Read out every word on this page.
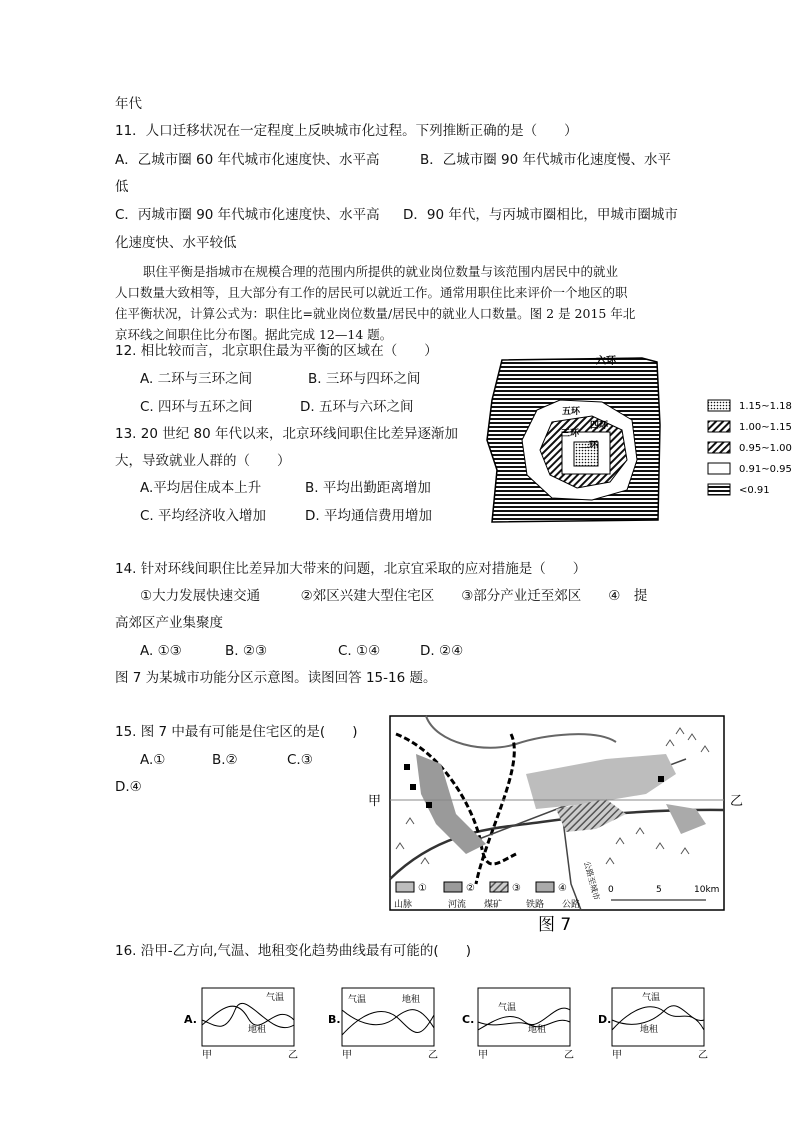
年代
11．人口迁移状况在一定程度上反映城市化过程。下列推断正确的是（　　）
A．乙城市圈 60 年代城市化速度快、水平高	B．乙城市圈 90 年代城市化速度慢、水平
低
C．丙城市圈 90 年代城市化速度快、水平高 D．90 年代，与丙城市圈相比，甲城市圈城市
化速度快、水平较低
职住平衡是指城市在规模合理的范围内所提供的就业岗位数量与该范围内居民中的就业
人口数量大致相等，且大部分有工作的居民可以就近工作。通常用职住比来评价一个地区的职
住平衡状况，计算公式为：职住比=就业岗位数量/居民中的就业人口数量。图 2 是 2015 年北
京环线之间职住比分布图。据此完成 12—14 题。
12. 相比较而言，北京职住最为平衡的区域在（　　）
A. 二环与三环之间	B. 三环与四环之间
C. 四环与五环之间	D. 五环与六环之间
13. 20 世纪 80 年代以来，北京环线间职住比差异逐渐加
大，导致就业人群的（　　）
A.平均居住成本上升	B. 平均出勤距离增加
C. 平均经济收入增加	D. 平均通信费用增加
六环
五环
四环
三环
二环
1.15~1.18
1.00~1.15
0.95~1.00
0.91~0.95
<0.91
14. 针对环线间职住比差异加大带来的问题，北京宜采取的应对措施是（　　）
①大力发展快速交通　　　②郊区兴建大型住宅区　　③部分产业迁至郊区　　④　提
高郊区产业集聚度
A. ①③	B. ②③	C. ①④	D. ②④
图 7 为某城市功能分区示意图。读图回答 15-16 题。
15. 图 7 中最有可能是住宅区的是(　　)
A.①	B.②	C.③
D.④
甲	乙
公路至城市
①	②	③	④
山脉	河流 煤矿	铁路 公路
0	5	10km
图 7
16. 沿甲-乙方向,气温、地租变化趋势曲线最有可能的(　　)
A.
气温
地租
甲	乙
B.
气温	地租
甲	乙
C.
气温
地租
甲	乙
D.
气温
地租
甲	乙
